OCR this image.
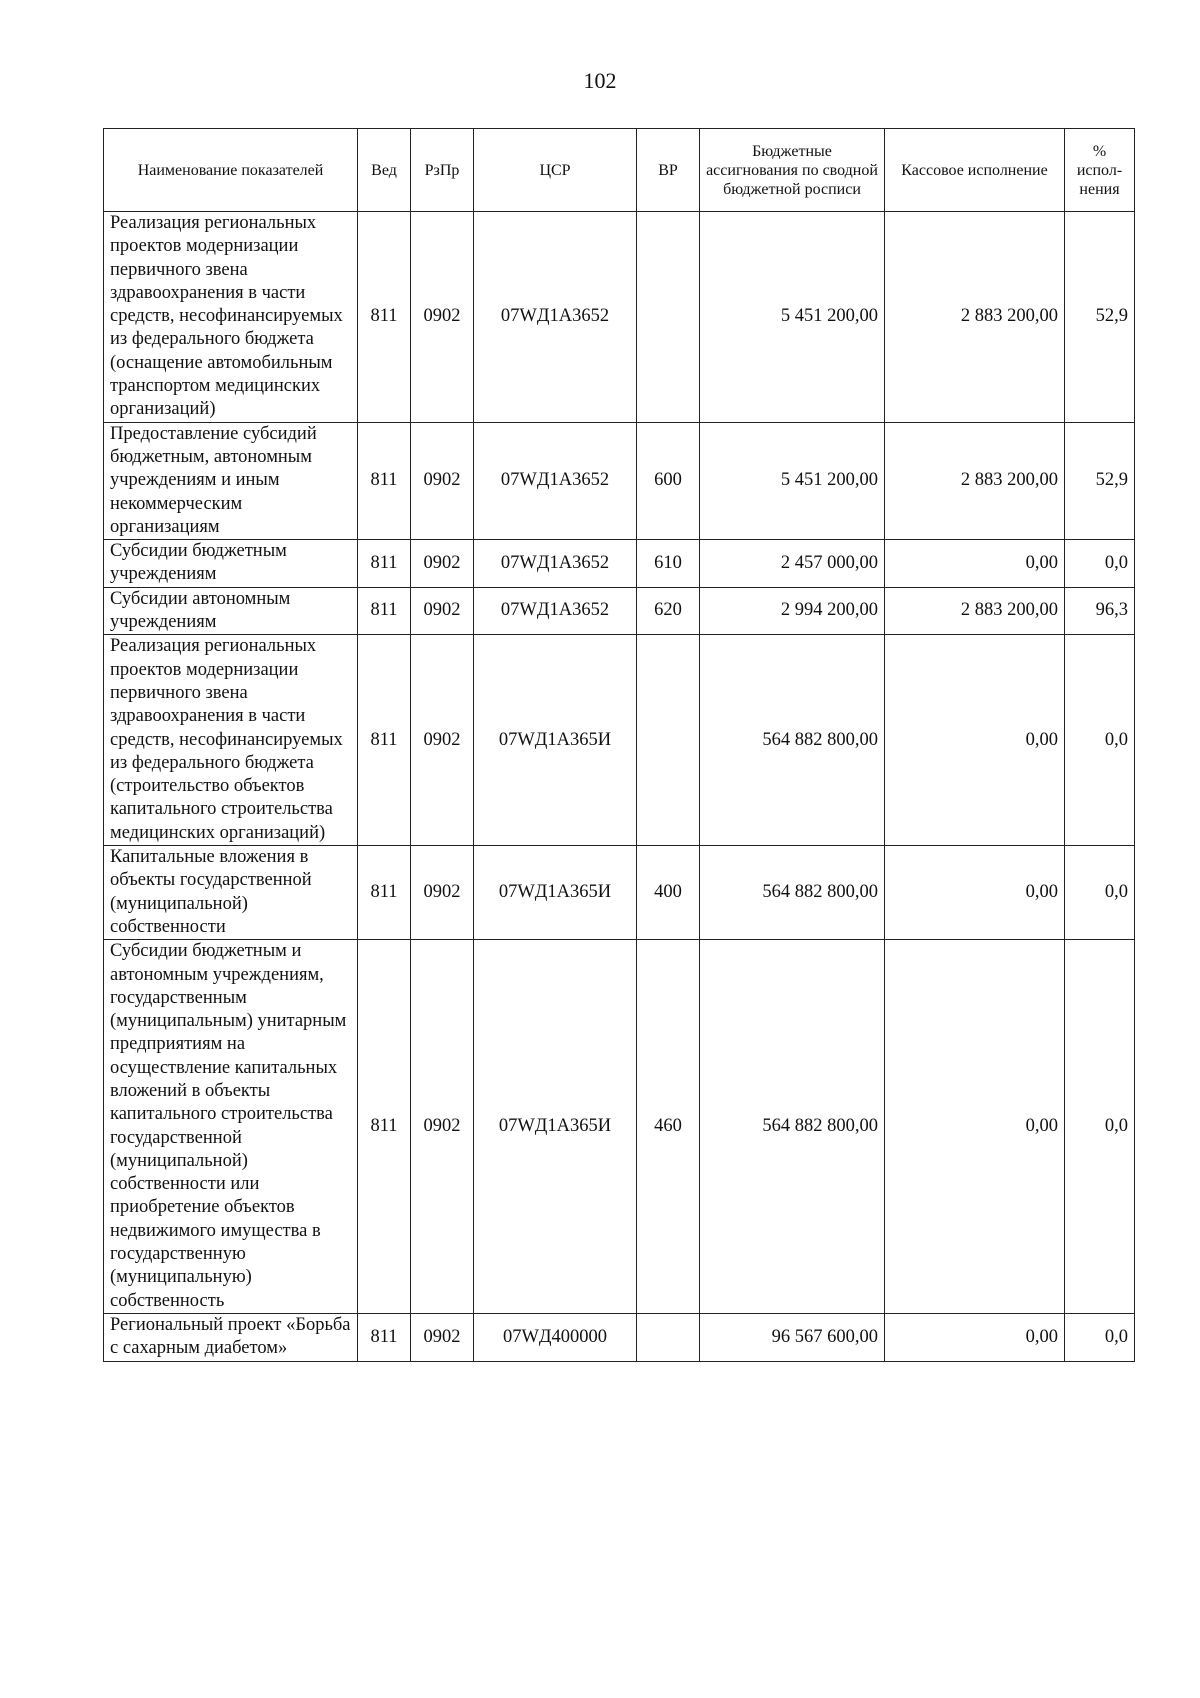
102
Наименование показателей	Вед	РзПр	ЦСР	ВР	Бюджетные ассигнования по сводной бюджетной росписи	Кассовое исполнение	% испол-нения
Реализация региональных проектов модернизации первичного звена здравоохранения в части средств, несофинансируемых из федерального бюджета (оснащение автомобильным транспортом медицинских организаций)	811	0902	07WД1A3652		5 451 200,00	2 883 200,00	52,9
Предоставление субсидий бюджетным, автономным учреждениям и иным некоммерческим организациям	811	0902	07WД1A3652	600	5 451 200,00	2 883 200,00	52,9
Субсидии бюджетным учреждениям	811	0902	07WД1A3652	610	2 457 000,00	0,00	0,0
Субсидии автономным учреждениям	811	0902	07WД1A3652	620	2 994 200,00	2 883 200,00	96,3
Реализация региональных проектов модернизации первичного звена здравоохранения в части средств, несофинансируемых из федерального бюджета (строительство объектов капитального строительства медицинских организаций)	811	0902	07WД1A365И		564 882 800,00	0,00	0,0
Капитальные вложения в объекты государственной (муниципальной) собственности	811	0902	07WД1A365И	400	564 882 800,00	0,00	0,0
Субсидии бюджетным и автономным учреждениям, государственным (муниципальным) унитарным предприятиям на осуществление капитальных вложений в объекты капитального строительства государственной (муниципальной) собственности или приобретение объектов недвижимого имущества в государственную (муниципальную) собственность	811	0902	07WД1A365И	460	564 882 800,00	0,00	0,0
Региональный проект «Борьба с сахарным диабетом»	811	0902	07WД400000		96 567 600,00	0,00	0,0
